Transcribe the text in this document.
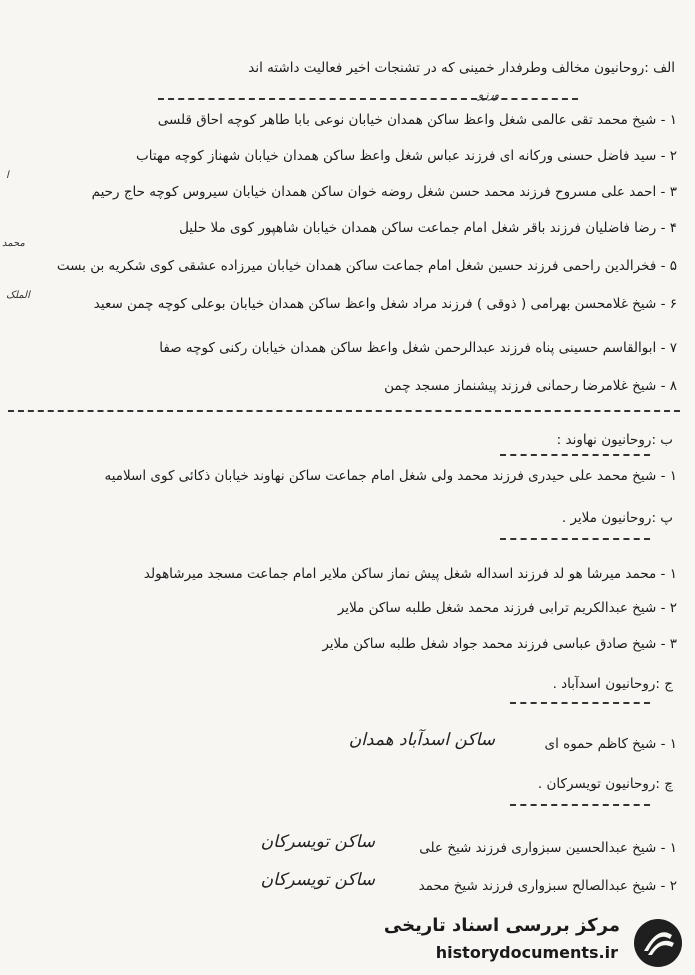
الف :روحانیون مخالف وطرفدار خمینی که در تشنجات اخیر فعالیت داشته اند
ورزو
۱ - شیخ محمد تقی عالمی شغل واعظ ساکن همدان خیابان نوعی بابا طاهر کوچه احاق قلسی
۲ - سید فاضل حسنی ورکانه ای فرزند عباس شغل واعظ ساکن همدان خیابان شهناز کوچه مهتاب
۳ - احمد علی مسروح فرزند محمد حسن شغل روضه خوان ساکن همدان خیابان سیروس کوچه حاج رحیم
ا
۴ - رضا فاضلیان فرزند باقر شغل امام جماعت ساکن همدان خیابان شاهپور کوی ملا حلیل
محمد
۵ - فخرالدین راحمی فرزند حسین شغل امام جماعت ساکن همدان خیابان میرزاده عشقی کوی شکریه بن بست
۶ - شیخ غلامحسن بهرامی ( ذوقی ) فرزند مراد شغل واعظ ساکن همدان خیابان بوعلی کوچه چمن سعید
الملک
۷ - ابوالقاسم حسینی پناه فرزند عبدالرحمن شغل واعظ ساکن همدان خیابان رکنی کوچه صفا
۸ - شیخ غلامرضا رحمانی فرزند پیشنماز مسجد چمن
ب :روحانیون نهاوند :
۱ - شیخ محمد علی حیدری فرزند محمد ولی شغل امام جماعت ساکن نهاوند خیابان ذکائی کوی اسلامیه
پ :روحانیون ملایر .
۱ - محمد میرشا هو لد فرزند اسداله شغل پیش نماز ساکن ملایر امام جماعت مسجد میرشاهولد
۲ - شیخ عبدالکریم ترابی فرزند محمد شغل طلبه ساکن ملایر
۳ - شیخ صادق عباسی فرزند محمد جواد شغل طلبه ساکن ملایر
ج :روحانیون اسدآباد .
۱ - شیخ کاظم حموه ای
ساکن اسدآباد همدان
چ :روحانیون تویسرکان .
۱ - شیخ عبدالحسین سبزواری فرزند شیخ علی
ساکن تویسرکان
۲ - شیخ عبدالصالح سبزواری فرزند شیخ محمد
ساکن تویسرکان
مرکز بررسی اسناد تاریخی
historydocuments.ir
